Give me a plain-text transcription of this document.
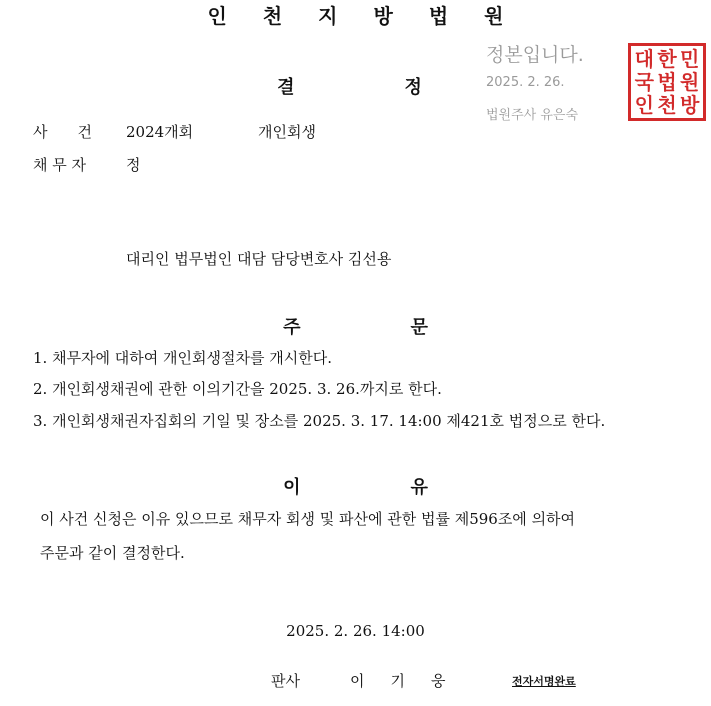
인 천 지 방 법 원
정본입니다.
2025. 2. 26.
법원주사 유은숙
대 한 민
국 법 원
인 천 방
결	정
사　　건 2024개회	개인회생
채 무 자	정
대리인 법무법인 대담 담당변호사 김선용
주	문
1. 채무자에 대하여 개인회생절차를 개시한다.
2. 개인회생채권에 관한 이의기간을 2025. 3. 26.까지로 한다.
3. 개인회생채권자집회의 기일 및 장소를 2025. 3. 17. 14:00 제421호 법정으로 한다.
이	유
이 사건 신청은 이유 있으므로 채무자 회생 및 파산에 관한 법률 제596조에 의하여
주문과 같이 결정한다.
2025. 2. 26. 14:00
판사	이 기 웅	전자서명완료
